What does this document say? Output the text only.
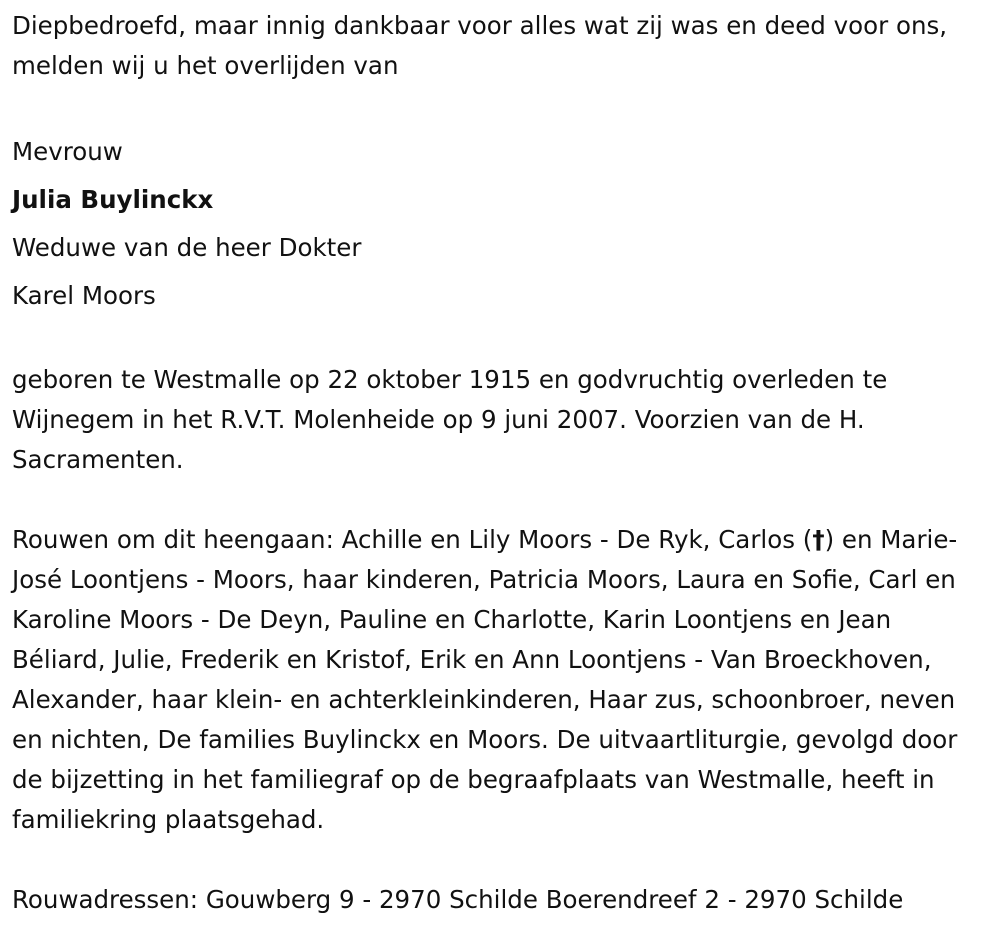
Diepbedroefd, maar innig dankbaar voor alles wat zij was en deed voor ons, melden wij u het overlijden van

Mevrouw

Julia Buylinckx

Weduwe van de heer Dokter

Karel Moors

geboren te Westmalle op 22 oktober 1915 en godvruchtig overleden te Wijnegem in het R.V.T. Molenheide op 9 juni 2007. Voorzien van de H. Sacramenten.

Rouwen om dit heengaan: Achille en Lily Moors - De Ryk, Carlos (†) en Marie-José Loontjens - Moors, haar kinderen, Patricia Moors, Laura en Sofie, Carl en Karoline Moors - De Deyn, Pauline en Charlotte, Karin Loontjens en Jean Béliard, Julie, Frederik en Kristof, Erik en Ann Loontjens - Van Broeckhoven, Alexander, haar klein- en achterkleinkinderen, Haar zus, schoonbroer, neven en nichten, De families Buylinckx en Moors. De uitvaartliturgie, gevolgd door de bijzetting in het familiegraf op de begraafplaats van Westmalle, heeft in familiekring plaatsgehad.

Rouwadressen: Gouwberg 9 - 2970 Schilde Boerendreef 2 - 2970 Schilde
